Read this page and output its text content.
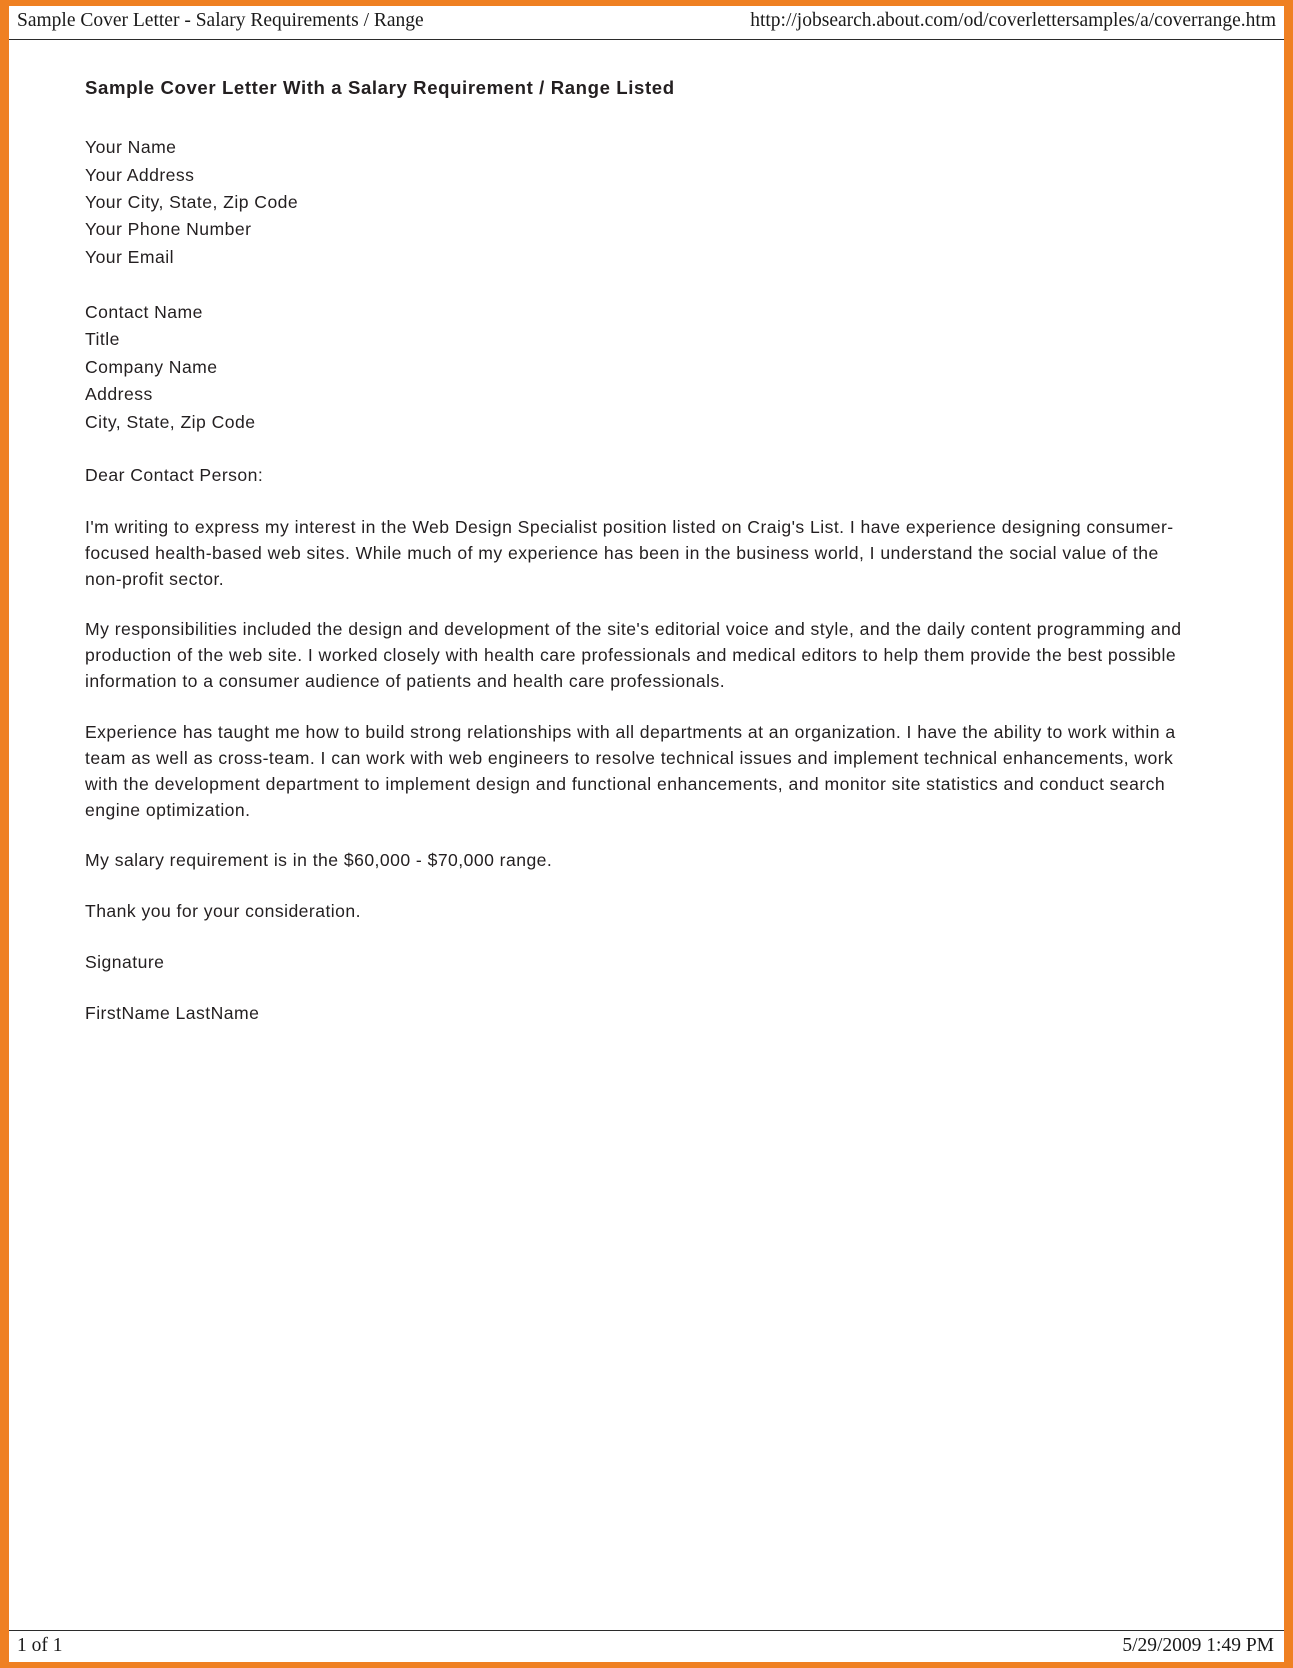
Sample Cover Letter - Salary Requirements / Range	http://jobsearch.about.com/od/coverlettersamples/a/coverrange.htm
Sample Cover Letter With a Salary Requirement / Range Listed
Your Name
Your Address
Your City, State, Zip Code
Your Phone Number
Your Email
Contact Name
Title
Company Name
Address
City, State, Zip Code
Dear Contact Person:

I'm writing to express my interest in the Web Design Specialist position listed on Craig's List. I have experience designing consumer-focused health-based web sites. While much of my experience has been in the business world, I understand the social value of the non-profit sector.

My responsibilities included the design and development of the site's editorial voice and style, and the daily content programming and production of the web site. I worked closely with health care professionals and medical editors to help them provide the best possible information to a consumer audience of patients and health care professionals.

Experience has taught me how to build strong relationships with all departments at an organization. I have the ability to work within a team as well as cross-team. I can work with web engineers to resolve technical issues and implement technical enhancements, work with the development department to implement design and functional enhancements, and monitor site statistics and conduct search engine optimization.

My salary requirement is in the $60,000 - $70,000 range.

Thank you for your consideration.

Signature
FirstName LastName
1 of 1	5/29/2009 1:49 PM
